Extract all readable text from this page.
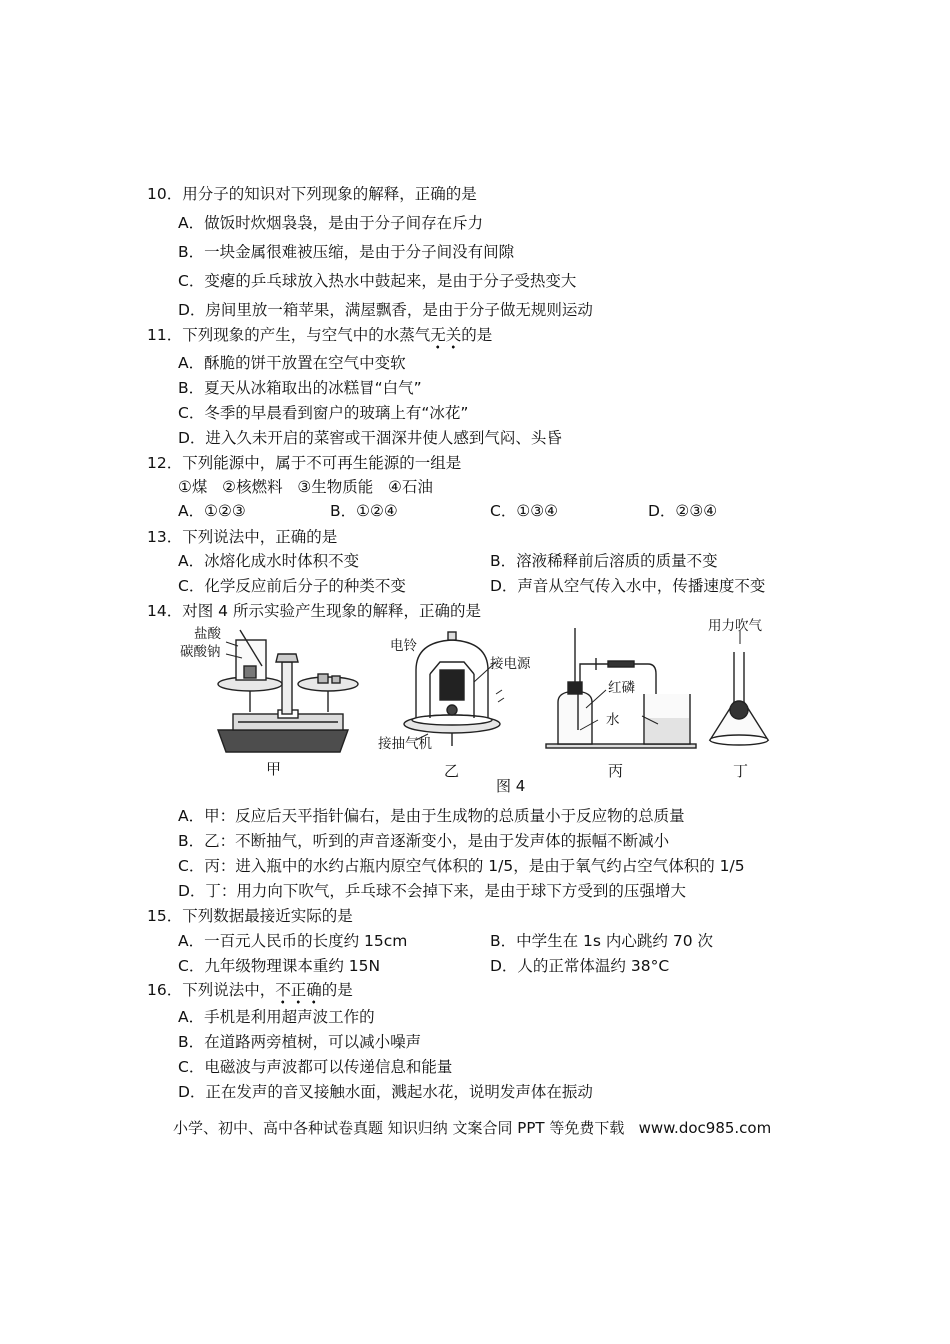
10．用分子的知识对下列现象的解释，正确的是
A．做饭时炊烟袅袅，是由于分子间存在斥力
B．一块金属很难被压缩，是由于分子间没有间隙
C．变瘪的乒乓球放入热水中鼓起来，是由于分子受热变大
D．房间里放一箱苹果，满屋飘香，是由于分子做无规则运动
11．下列现象的产生，与空气中的水蒸气无关的是
A．酥脆的饼干放置在空气中变软
B．夏天从冰箱取出的冰糕冒“白气”
C．冬季的早晨看到窗户的玻璃上有“冰花”
D．进入久未开启的菜窖或干涸深井使人感到气闷、头昏
12．下列能源中，属于不可再生能源的一组是
①煤   ②核燃料   ③生物质能   ④石油
A．①②③	B．①②④	C．①③④	D．②③④
13．下列说法中，正确的是
A．冰熔化成水时体积不变	B．溶液稀释前后溶质的质量不变
C．化学反应前后分子的种类不变	D．声音从空气传入水中，传播速度不变
14．对图 4 所示实验产生现象的解释，正确的是
盐酸
碳酸钠	电铃
接电源
接抽气机
红磷
水
用力吹气
甲	乙	丙	丁
图 4
A．甲：反应后天平指针偏右，是由于生成物的总质量小于反应物的总质量
B．乙：不断抽气，听到的声音逐渐变小，是由于发声体的振幅不断减小
C．丙：进入瓶中的水约占瓶内原空气体积的 1/5，是由于氧气约占空气体积的 1/5
D．丁：用力向下吹气，乒乓球不会掉下来，是由于球下方受到的压强增大
15．下列数据最接近实际的是
A．一百元人民币的长度约 15cm	B．中学生在 1s 内心跳约 70 次
C．九年级物理课本重约 15N	D．人的正常体温约 38°C
16．下列说法中，不正确的是
A．手机是利用超声波工作的
B．在道路两旁植树，可以减小噪声
C．电磁波与声波都可以传递信息和能量
D．正在发声的音叉接触水面，溅起水花，说明发声体在振动
小学、初中、高中各种试卷真题 知识归纳 文案合同 PPT 等免费下载   www.doc985.com
